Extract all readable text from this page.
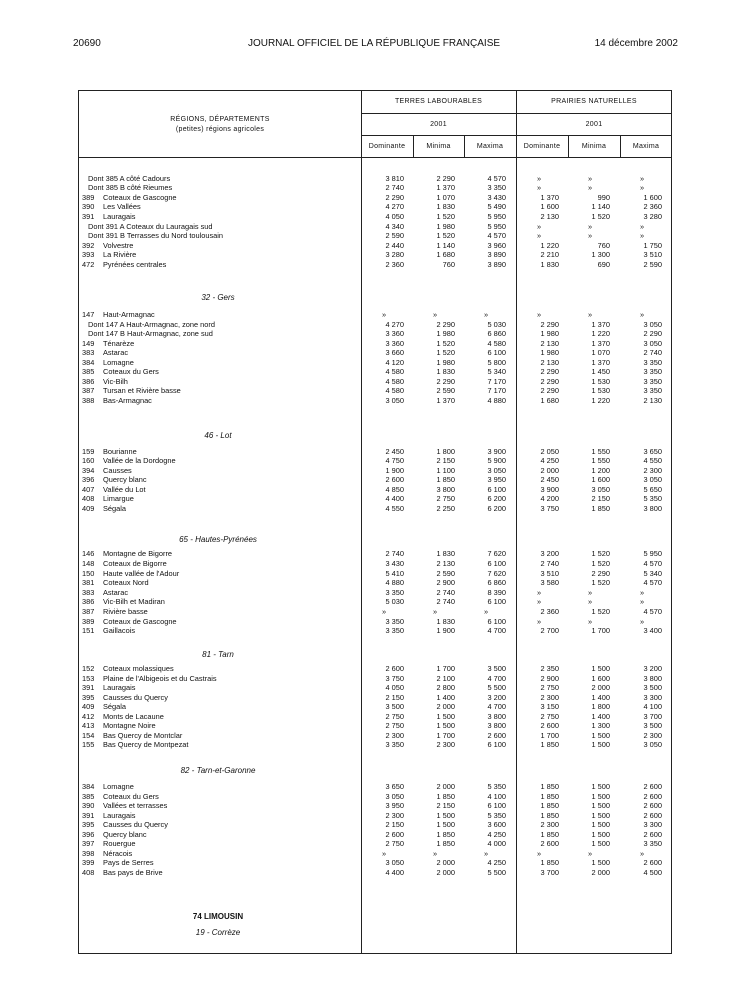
20690	JOURNAL OFFICIEL DE LA RÉPUBLIQUE FRANÇAISE	14 décembre 2002
RÉGIONS, DÉPARTEMENTS
(petites) régions agricoles
TERRES LABOURABLES	PRAIRIES NATURELLES
2001	2001
Dominante	Minima	Maxima	Dominante	Minima	Maxima
Dont 385 A côté Cadours	3 810	2 290	4 570	»	»	»
Dont 385 B côté Rieumes	2 740	1 370	3 350	»	»	»
389	Coteaux de Gascogne	2 290	1 070	3 430	1 370	990	1 600
390	Les Vallées	4 270	1 830	5 490	1 600	1 140	2 360
391	Lauragais	4 050	1 520	5 950	2 130	1 520	3 280
Dont 391 A Coteaux du Lauragais sud	4 340	1 980	5 950	»	»	»
Dont 391 B Terrasses du Nord toulousain	2 590	1 520	4 570	»	»	»
392	Volvestre	2 440	1 140	3 960	1 220	760	1 750
393	La Rivière	3 280	1 680	3 890	2 210	1 300	3 510
472	Pyrénées centrales	2 360	760	3 890	1 830	690	2 590
147	Haut-Armagnac	»	»	»	»	»	»
Dont 147 A Haut-Armagnac, zone nord	4 270	2 290	5 030	2 290	1 370	3 050
Dont 147 B Haut-Armagnac, zone sud	3 360	1 980	6 860	1 980	1 220	2 290
149	Ténarèze	3 360	1 520	4 580	2 130	1 370	3 050
383	Astarac	3 660	1 520	6 100	1 980	1 070	2 740
384	Lomagne	4 120	1 980	5 800	2 130	1 370	3 350
385	Coteaux du Gers	4 580	1 830	5 340	2 290	1 450	3 350
386	Vic-Bilh	4 580	2 290	7 170	2 290	1 530	3 350
387	Tursan et Rivière basse	4 580	2 590	7 170	2 290	1 530	3 350
388	Bas-Armagnac	3 050	1 370	4 880	1 680	1 220	2 130
159	Bourianne	2 450	1 800	3 900	2 050	1 550	3 650
160	Vallée de la Dordogne	4 750	2 150	5 900	4 250	1 550	4 550
394	Causses	1 900	1 100	3 050	2 000	1 200	2 300
396	Quercy blanc	2 600	1 850	3 950	2 450	1 600	3 050
407	Vallée du Lot	4 850	3 800	6 100	3 900	3 050	5 650
408	Limargue	4 400	2 750	6 200	4 200	2 150	5 350
409	Ségala	4 550	2 250	6 200	3 750	1 850	3 800
146	Montagne de Bigorre	2 740	1 830	7 620	3 200	1 520	5 950
148	Coteaux de Bigorre	3 430	2 130	6 100	2 740	1 520	4 570
150	Haute vallée de l'Adour	5 410	2 590	7 620	3 510	2 290	5 340
381	Coteaux Nord	4 880	2 900	6 860	3 580	1 520	4 570
383	Astarac	3 350	2 740	8 390	»	»	»
386	Vic-Bilh et Madiran	5 030	2 740	6 100	»	»	»
387	Rivière basse	»	»	»	2 360	1 520	4 570
389	Coteaux de Gascogne	3 350	1 830	6 100	»	»	»
151	Gaillacois	3 350	1 900	4 700	2 700	1 700	3 400
152	Coteaux molassiques	2 600	1 700	3 500	2 350	1 500	3 200
153	Plaine de l'Albigeois et du Castrais	3 750	2 100	4 700	2 900	1 600	3 800
391	Lauragais	4 050	2 800	5 500	2 750	2 000	3 500
395	Causses du Quercy	2 150	1 400	3 200	2 300	1 400	3 300
409	Ségala	3 500	2 000	4 700	3 150	1 800	4 100
412	Monts de Lacaune	2 750	1 500	3 800	2 750	1 400	3 700
413	Montagne Noire	2 750	1 500	3 800	2 600	1 300	3 500
154	Bas Quercy de Montclar	2 300	1 700	2 600	1 700	1 500	2 300
155	Bas Quercy de Montpezat	3 350	2 300	6 100	1 850	1 500	3 050
384	Lomagne	3 650	2 000	5 350	1 850	1 500	2 600
385	Coteaux du Gers	3 050	1 850	4 100	1 850	1 500	2 600
390	Vallées et terrasses	3 950	2 150	6 100	1 850	1 500	2 600
391	Lauragais	2 300	1 500	5 350	1 850	1 500	2 600
395	Causses du Quercy	2 150	1 500	3 600	2 300	1 500	3 300
396	Quercy blanc	2 600	1 850	4 250	1 850	1 500	2 600
397	Rouergue	2 750	1 850	4 000	2 600	1 500	3 350
398	Néracois	»	»	»	»	»	»
399	Pays de Serres	3 050	2 000	4 250	1 850	1 500	2 600
408	Bas pays de Brive	4 400	2 000	5 500	3 700	2 000	4 500
32 - Gers
46 - Lot
65 - Hautes-Pyrénées
81 - Tarn
82 - Tarn-et-Garonne
74 LIMOUSIN
19 - Corrèze
